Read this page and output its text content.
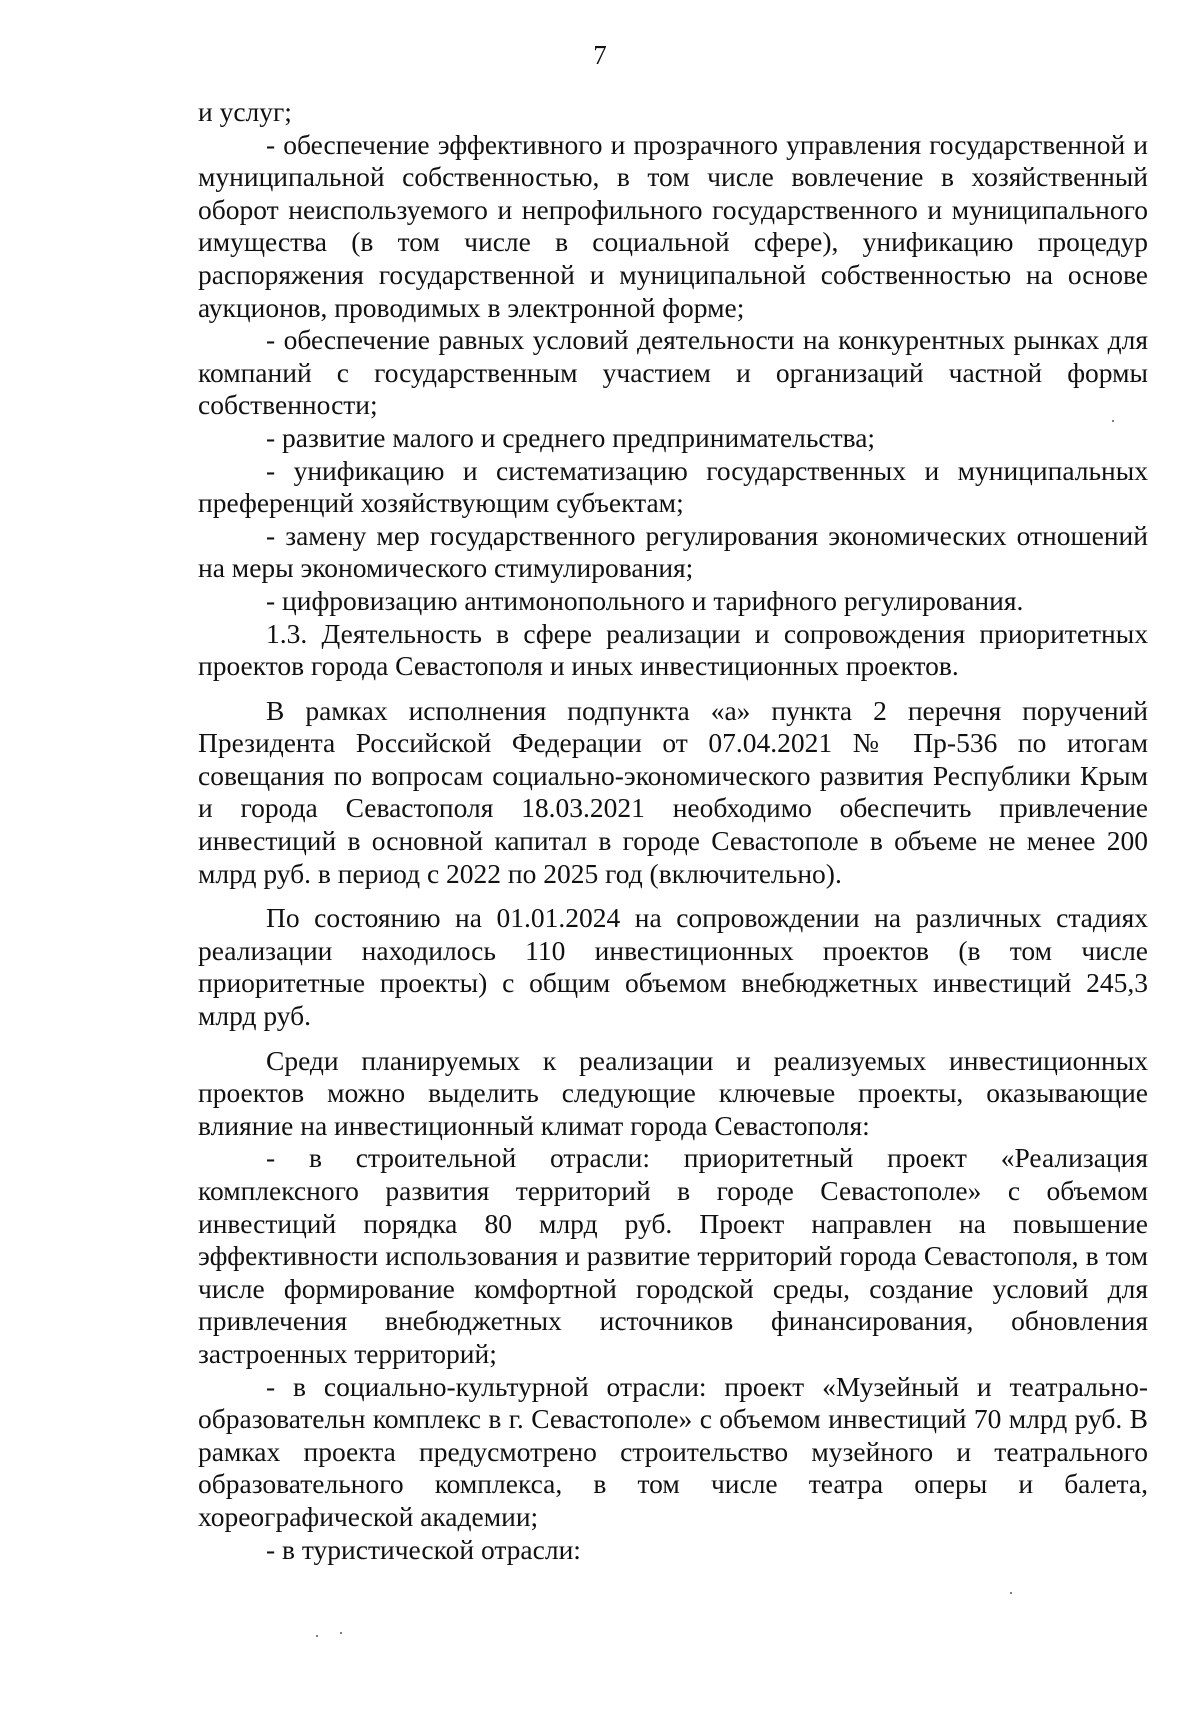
7

и услуг;

- обеспечение эффективного и прозрачного управления государственной и муниципальной собственностью, в том числе вовлечение в хозяйственный оборот неиспользуемого и непрофильного государственного и муниципального имущества (в том числе в социальной сфере), унификацию процедур распоряжения государственной и муниципальной собственностью на основе аукционов, проводимых в электронной форме;

- обеспечение равных условий деятельности на конкурентных рынках для компаний с государственным участием и организаций частной формы собственности;

- развитие малого и среднего предпринимательства;

- унификацию и систематизацию государственных и муниципальных преференций хозяйствующим субъектам;

- замену мер государственного регулирования экономических отношений на меры экономического стимулирования;

- цифровизацию антимонопольного и тарифного регулирования.

1.3. Деятельность в сфере реализации и сопровождения приоритетных проектов города Севастополя и иных инвестиционных проектов.

В рамках исполнения подпункта «а» пункта 2 перечня поручений Президента Российской Федерации от 07.04.2021 № Пр-536 по итогам совещания по вопросам социально-экономического развития Республики Крым и города Севастополя 18.03.2021 необходимо обеспечить привлечение инвестиций в основной капитал в городе Севастополе в объеме не менее 200 млрд руб. в период с 2022 по 2025 год (включительно).

По состоянию на 01.01.2024 на сопровождении на различных стадиях реализации находилось 110 инвестиционных проектов (в том числе приоритетные проекты) с общим объемом внебюджетных инвестиций 245,3 млрд руб.

Среди планируемых к реализации и реализуемых инвестиционных проектов можно выделить следующие ключевые проекты, оказывающие влияние на инвестиционный климат города Севастополя:

- в строительной отрасли: приоритетный проект «Реализация комплексного развития территорий в городе Севастополе» с объемом инвестиций порядка 80 млрд руб. Проект направлен на повышение эффективности использования и развитие территорий города Севастополя, в том числе формирование комфортной городской среды, создание условий для привлечения внебюджетных источников финансирования, обновления застроенных территорий;

- в социально-культурной отрасли: проект «Музейный и театрально-образовательн комплекс в г. Севастополе» с объемом инвестиций 70 млрд руб. В рамках проекта предусмотрено строительство музейного и театрального образовательного комплекса, в том числе театра оперы и балета, хореографической академии;

- в туристической отрасли:
